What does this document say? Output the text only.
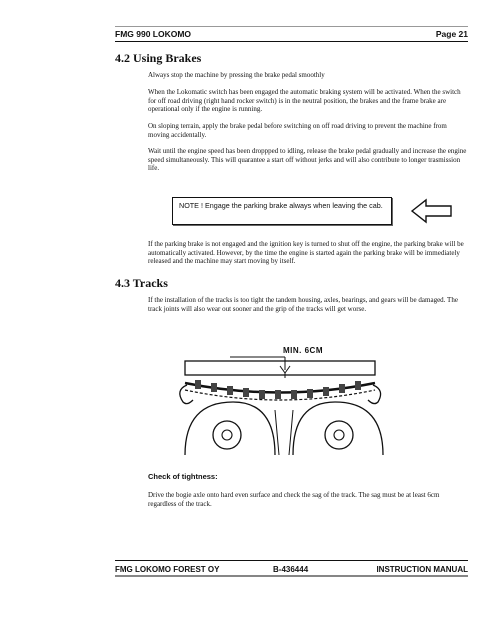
FMG 990 LOKOMO	Page 21
4.2 Using Brakes

Always stop the machine by pressing the brake pedal smoothly

When the Lokomatic switch has been engaged the automatic braking system will be activated. When the switch for off road driving (right hand rocker switch) is in the neutral position, the brakes and the frame brake are operational only if the engine is running.

On sloping terrain, apply the brake pedal before switching on off road driving to prevent the machine from moving accidentally.

Wait until the engine speed has been droppped to idling, release the brake pedal gradually and increase the engine speed simultaneously. This will quarantee a start off without jerks and will also contribute to longer trasmission life.

NOTE ! Engage the parking brake always when leaving the cab.

If the parking brake is not engaged and the ignition key is turned to shut off the engine, the parking brake will be automatically activated. However, by the time the engine is started again the parking brake will be immediately released and the machine may start moving by itself.

4.3 Tracks

If the installation of the tracks is too tight the tandem housing, axles, bearings, and gears will be damaged. The track joints will also wear out sooner and the grip of the tracks will get worse.

MIN. 6CM
Check of tightness:

Drive the bogie axle onto hard even surface and check the sag of the track. The sag must be at least 6cm regardless of the track.

FMG LOKOMO FOREST OY	B-436444	INSTRUCTION MANUAL
